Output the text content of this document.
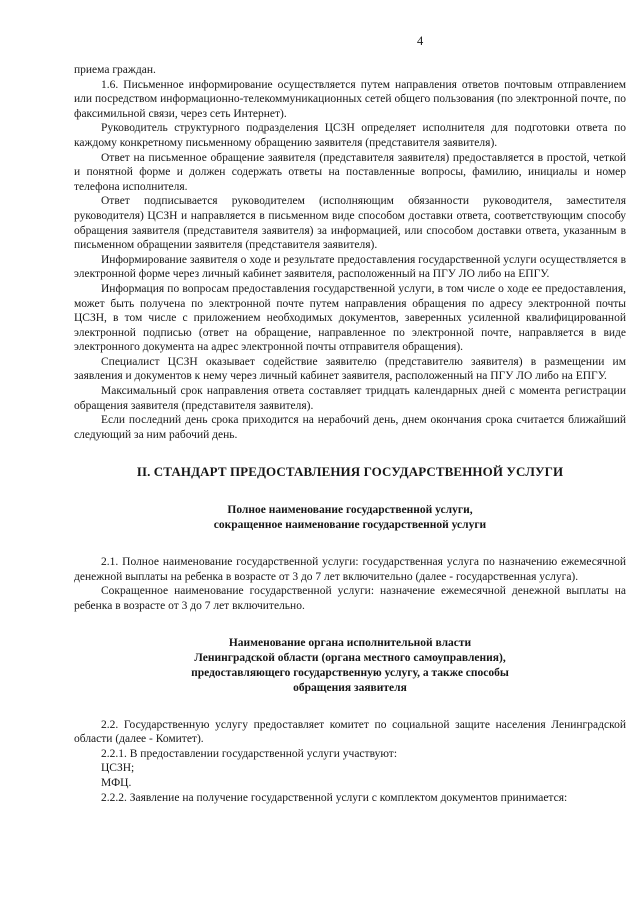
4

приема граждан.

1.6. Письменное информирование осуществляется путем направления ответов почтовым отправлением или посредством информационно-телекоммуникационных сетей общего пользования (по электронной почте, по факсимильной связи, через сеть Интернет).

Руководитель структурного подразделения ЦСЗН определяет исполнителя для подготовки ответа по каждому конкретному письменному обращению заявителя (представителя заявителя).

Ответ на письменное обращение заявителя (представителя заявителя) предоставляется в простой, четкой и понятной форме и должен содержать ответы на поставленные вопросы, фамилию, инициалы и номер телефона исполнителя.

Ответ подписывается руководителем (исполняющим обязанности руководителя, заместителя руководителя) ЦСЗН и направляется в письменном виде способом доставки ответа, соответствующим способу обращения заявителя (представителя заявителя) за информацией, или способом доставки ответа, указанным в письменном обращении заявителя (представителя заявителя).

Информирование заявителя о ходе и результате предоставления государственной услуги осуществляется в электронной форме через личный кабинет заявителя, расположенный на ПГУ ЛО либо на ЕПГУ.

Информация по вопросам предоставления государственной услуги, в том числе о ходе ее предоставления, может быть получена по электронной почте путем направления обращения по адресу электронной почты ЦСЗН, в том числе с приложением необходимых документов, заверенных усиленной квалифицированной электронной подписью (ответ на обращение, направленное по электронной почте, направляется в виде электронного документа на адрес электронной почты отправителя обращения).

Специалист ЦСЗН оказывает содействие заявителю (представителю заявителя) в размещении им заявления и документов к нему через личный кабинет заявителя, расположенный на ПГУ ЛО либо на ЕПГУ.

Максимальный срок направления ответа составляет тридцать календарных дней с момента регистрации обращения заявителя (представителя заявителя).

Если последний день срока приходится на нерабочий день, днем окончания срока считается ближайший следующий за ним рабочий день.

II. СТАНДАРТ ПРЕДОСТАВЛЕНИЯ ГОСУДАРСТВЕННОЙ УСЛУГИ
Полное наименование государственной услуги,
сокращенное наименование государственной услуги

2.1. Полное наименование государственной услуги: государственная услуга по назначению ежемесячной денежной выплаты на ребенка в возрасте от 3 до 7 лет включительно (далее - государственная услуга).

Сокращенное наименование государственной услуги: назначение ежемесячной денежной выплаты на ребенка в возрасте от 3 до 7 лет включительно.

Наименование органа исполнительной власти
Ленинградской области (органа местного самоуправления),
предоставляющего государственную услугу, а также способы
обращения заявителя

2.2. Государственную услугу предоставляет комитет по социальной защите населения Ленинградской области (далее - Комитет).

2.2.1. В предоставлении государственной услуги участвуют:

ЦСЗН;

МФЦ.

2.2.2. Заявление на получение государственной услуги с комплектом документов принимается:
